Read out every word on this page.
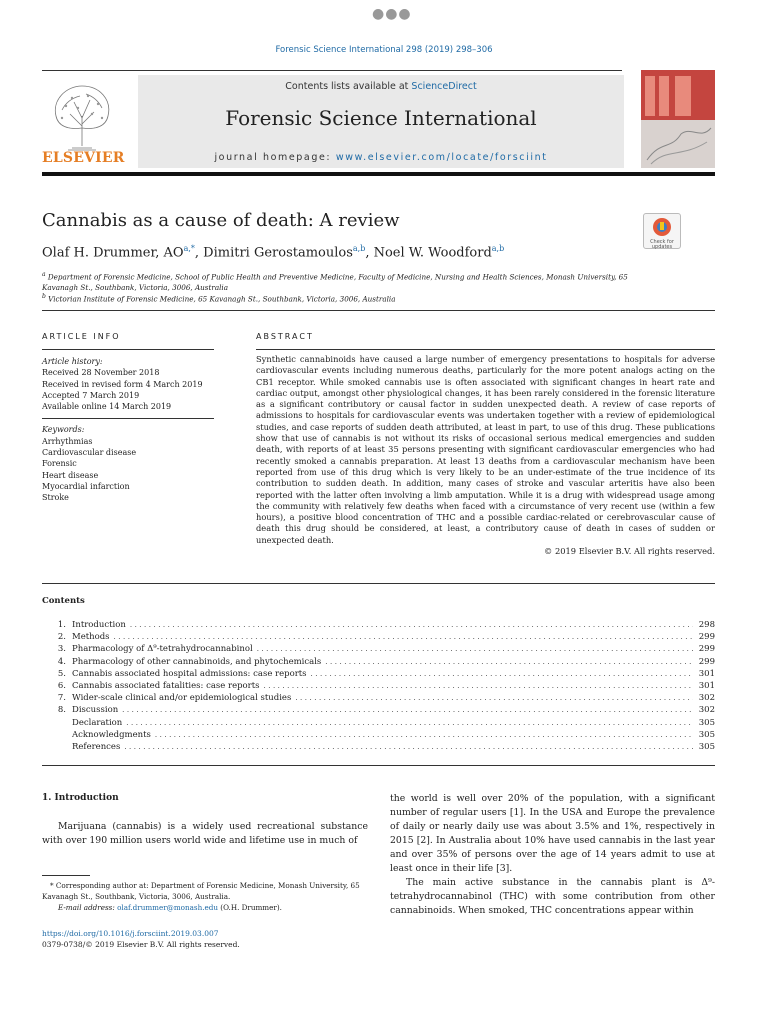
●●●
Forensic Science International 298 (2019) 298–306
ELSEVIER
Contents lists available at ScienceDirect
Forensic Science International
journal homepage: www.elsevier.com/locate/forsciint
Cannabis as a cause of death: A review
Check for updates
Olaf H. Drummer, $AO^{a,*}$, Dimitri Gerostamoulos$^{a,b}$, Noel W. Woodford$^{a,b}$
$^a$ Department of Forensic Medicine, School of Public Health and Preventive Medicine, Faculty of Medicine, Nursing and Health Sciences, Monash University, 65 Kavanagh St., Southbank, Victoria, 3006, Australia
$^b$ Victorian Institute of Forensic Medicine, 65 Kavanagh St., Southbank, Victoria, 3006, Australia
ARTICLE INFO	ABSTRACT
Article history:
Received 28 November 2018
Received in revised form 4 March 2019
Accepted 7 March 2019
Available online 14 March 2019
Keywords:
Arrhythmias
Cardiovascular disease
Forensic
Heart disease
Myocardial infarction
Stroke
Synthetic cannabinoids have caused a large number of emergency presentations to hospitals for adverse cardiovascular events including numerous deaths, particularly for the more potent analogs acting on the CB1 receptor. While smoked cannabis use is often associated with significant changes in heart rate and cardiac output, amongst other physiological changes, it has been rarely considered in the forensic literature as a significant contributory or causal factor in sudden unexpected death. A review of case reports of admissions to hospitals for cardiovascular events was undertaken together with a review of epidemiological studies, and case reports of sudden death attributed, at least in part, to use of this drug. These publications show that use of cannabis is not without its risks of occasional serious medical emergencies and sudden death, with reports of at least 35 persons presenting with significant cardiovascular emergencies who had recently smoked a cannabis preparation. At least 13 deaths from a cardiovascular mechanism have been reported from use of this drug which is very likely to be an under-estimate of the true incidence of its contribution to sudden death. In addition, many cases of stroke and vascular arteritis have also been reported with the latter often involving a limb amputation. While it is a drug with widespread usage among the community with relatively few deaths when faced with a circumstance of very recent use (within a few hours), a positive blood concentration of THC and a possible cardiac-related or cerebrovascular cause of death this drug should be considered, at least, a contributory cause of death in cases of sudden or unexpected death.
© 2019 Elsevier B.V. All rights reserved.
Contents
1. Introduction .....	298
2. Methods .....	299
3. Pharmacology of Δ⁹-tetrahydrocannabinol .....	299
4. Pharmacology of other cannabinoids, and phytochemicals .....	299
5. Cannabis associated hospital admissions: case reports .....	301
6. Cannabis associated fatalities: case reports .....	301
7. Wider-scale clinical and/or epidemiological studies .....	302
8. Discussion .....	302
Declaration .....	305
Acknowledgments .....	305
References .....	305
1. Introduction

Marijuana (cannabis) is a widely used recreational substance with over 190 million users world wide and lifetime use in much of

the world is well over 20% of the population, with a significant number of regular users [1]. In the USA and Europe the prevalence of daily or nearly daily use was about 3.5% and 1%, respectively in 2015 [2]. In Australia about 10% have used cannabis in the last year and over 35% of persons over the age of 14 years admit to use at least once in their life [3].

The main active substance in the cannabis plant is Δ⁹-tetrahydrocannabinol (THC) with some contribution from other cannabinoids. When smoked, THC concentrations appear within

* Corresponding author at: Department of Forensic Medicine, Monash University, 65 Kavanagh St., Southbank, Victoria, 3006, Australia.
E-mail address: olaf.drummer@monash.edu (O.H. Drummer).
https://doi.org/10.1016/j.forsciint.2019.03.007
0379-0738/© 2019 Elsevier B.V. All rights reserved.
